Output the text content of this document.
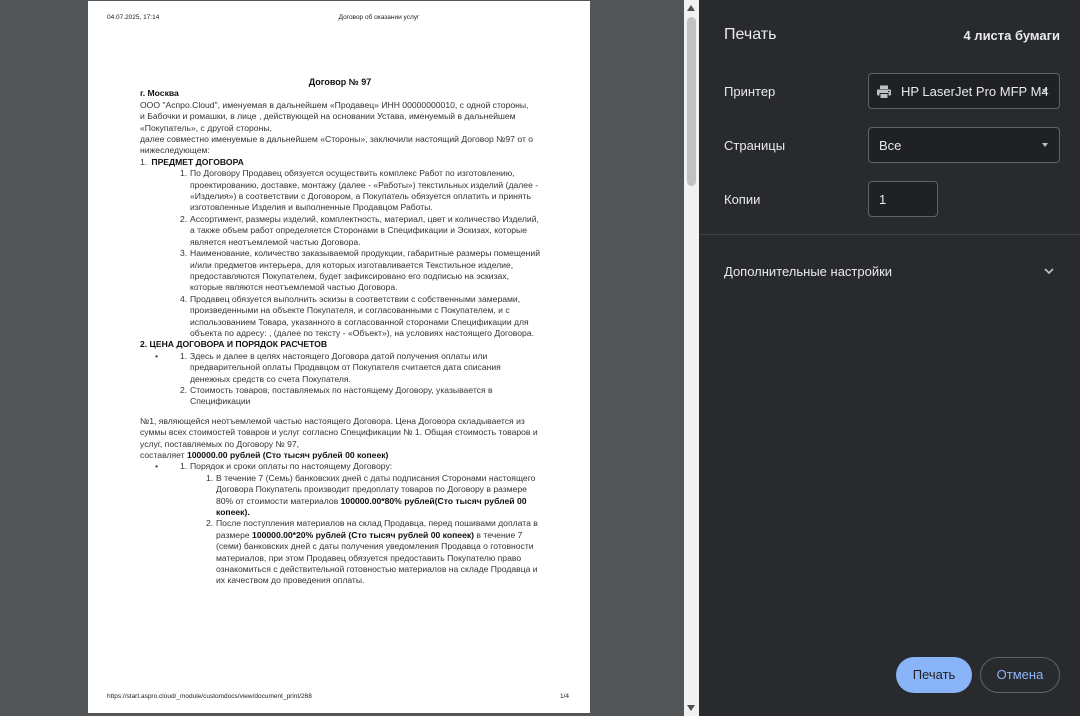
04.07.2025, 17:14	Договор об оказании услуг

Договор № 97

г. Москва

ООО "Аспро.Cloud", именуемая в дальнейшем «Продавец» ИНН 00000000010, с одной стороны,

и Бабочки и ромашки, в лице , действующей на основании Устава, именуемый в дальнейшем «Покупатель», с другой стороны,

далее совместно именуемые в дальнейшем «Стороны», заключили настоящий Договор №97 от о нижеследующем:

1. ПРЕДМЕТ ДОГОВОРА

1. По Договору Продавец обязуется осуществить комплекс Работ по изготовлению, проектированию, доставке, монтажу (далее - «Работы») текстильных изделий (далее - «Изделия») в соответствии с Договором, а Покупатель обязуется оплатить и принять изготовленные Изделия и выполненные Продавцом Работы.

2. Ассортимент, размеры изделий, комплектность, материал, цвет и количество Изделий, а также объем работ определяется Сторонами в Спецификации и Эскизах, которые является неотъемлемой частью Договора.

3. Наименование, количество заказываемой продукции, габаритные размеры помещений и/или предметов интерьера, для которых изготавливается Текстильное изделие, предоставляются Покупателем, будет зафиксировано его подписью на эскизах, которые являются неотъемлемой частью Договора.

4. Продавец обязуется выполнить эскизы в соответствии с собственными замерами, произведенными на объекте Покупателя, и согласованными с Покупателем, и с использованием Товара, указанного в согласованной сторонами Спецификации для объекта по адресу: , (далее по тексту - «Объект»), на условиях настоящего Договора.

2. ЦЕНА ДОГОВОРА И ПОРЯДОК РАСЧЕТОВ

•	1. Здесь и далее в целях настоящего Договора датой получения оплаты или предварительной оплаты Продавцом от Покупателя считается дата списания денежных средств со счета Покупателя.

2. Стоимость товаров, поставляемых по настоящему Договору, указывается в Спецификации

№1, являющейся неотъемлемой частью настоящего Договора. Цена Договора складывается из суммы всех стоимостей товаров и услуг согласно Спецификации № 1. Общая стоимость товаров и услуг, поставляемых по Договору № 97,

составляет 100000.00 рублей (Сто тысяч рублей 00 копеек)

•	1. Порядок и сроки оплаты по настоящему Договору:

1. В течение 7 (Семь) банковских дней с даты подписания Сторонами настоящего Договора Покупатель производит предоплату товаров по Договору в размере 80% от стоимости материалов 100000.00*80% рублей(Сто тысяч рублей 00 копеек).

2. После поступления материалов на склад Продавца, перед пошивами доплата в размере 100000.00*20% рублей (Сто тысяч рублей 00 копеек) в течение 7 (семи) банковских дней с даты получения уведомления Продавца о готовности материалов, при этом Продавец обязуется предоставить Покупателю право ознакомиться с действительной готовностью материалов на складе Продавца и их качеством до проведения оплаты.

https://start.aspro.cloud/_module/customdocs/view/document_print/268	1/4
Печать	4 листа бумаги
Принтер	HP LaserJet Pro MFP M4
Страницы	Все
Копии	1
Дополнительные настройки
Печать	Отмена
